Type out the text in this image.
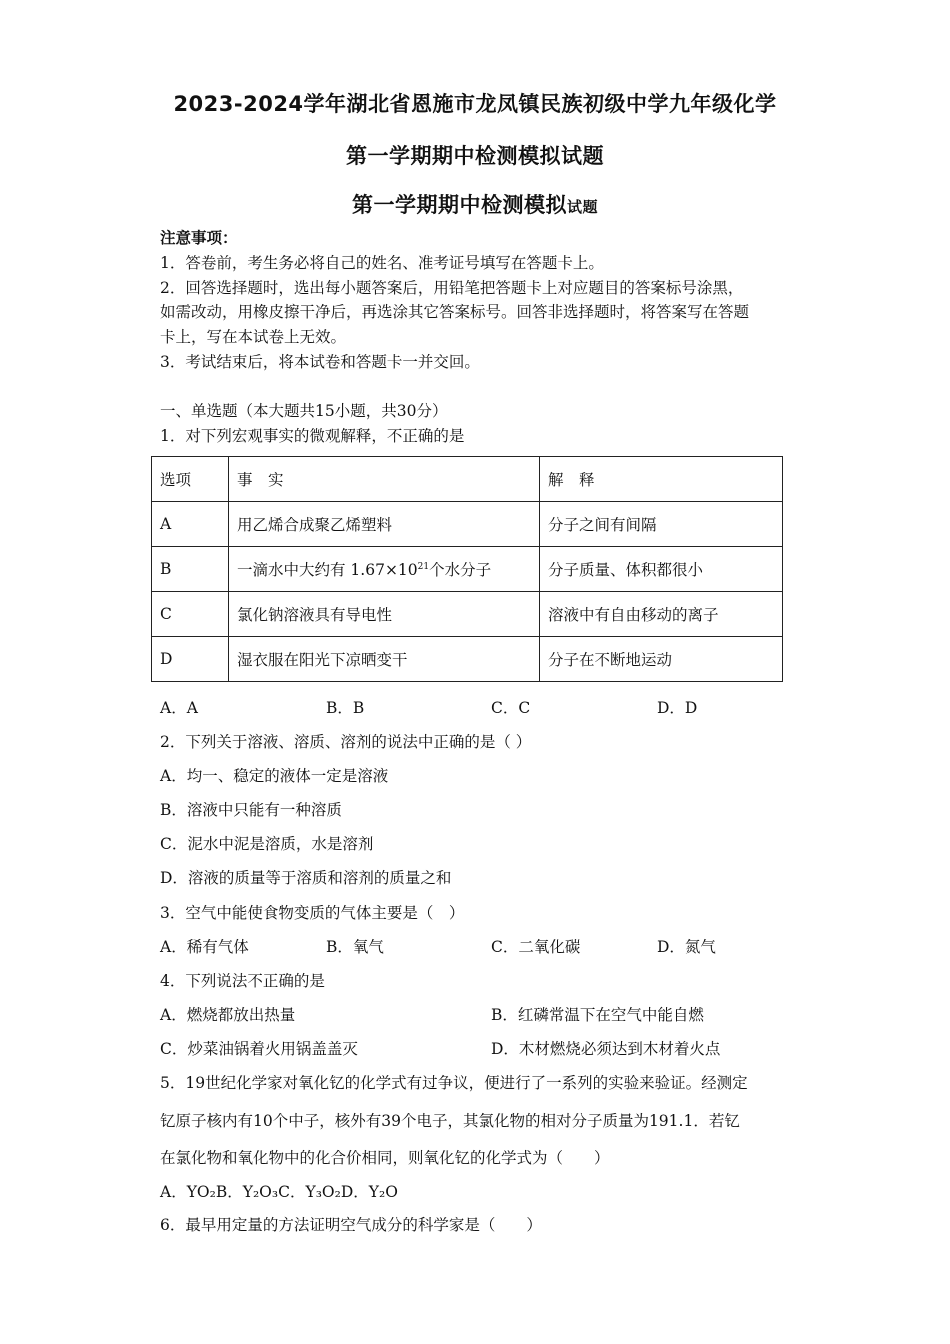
2023-2024学年湖北省恩施市龙凤镇民族初级中学九年级化学
第一学期期中检测模拟试题
第一学期期中检测模拟试题
注意事项：
1．答卷前，考生务必将自己的姓名、准考证号填写在答题卡上。
2．回答选择题时，选出每小题答案后，用铅笔把答题卡上对应题目的答案标号涂黑，
如需改动，用橡皮擦干净后，再选涂其它答案标号。回答非选择题时，将答案写在答题
卡上，写在本试卷上无效。
3．考试结束后，将本试卷和答题卡一并交回。
一、单选题（本大题共15小题，共30分）
1．对下列宏观事实的微观解释，不正确的是
选项	事　实	解　释
A	用乙烯合成聚乙烯塑料	分子之间有间隔
B	一滴水中大约有 $1.67\times 10^{21}$个水分子	分子质量、体积都很小
C	氯化钠溶液具有导电性	溶液中有自由移动的离子
D	湿衣服在阳光下凉晒变干	分子在不断地运动
A．A	B．B	C．C	D．D
2．下列关于溶液、溶质、溶剂的说法中正确的是（ ）
A．均一、稳定的液体一定是溶液
B．溶液中只能有一种溶质
C．泥水中泥是溶质，水是溶剂
D．溶液的质量等于溶质和溶剂的质量之和
3．空气中能使食物变质的气体主要是（　）
A．稀有气体	B．氧气	C．二氧化碳	D．氮气
4．下列说法不正确的是
A．燃烧都放出热量	B．红磷常温下在空气中能自燃
C．炒菜油锅着火用锅盖盖灭	D．木材燃烧必须达到木材着火点
5．19世纪化学家对氧化钇的化学式有过争议，便进行了一系列的实验来验证。经测定
钇原子核内有10个中子，核外有39个电子，其氯化物的相对分子质量为191.1．若钇
在氯化物和氧化物中的化合价相同，则氧化钇的化学式为（　　）
A．YO₂B．Y₂O₃C．Y₃O₂D．Y₂O
6．最早用定量的方法证明空气成分的科学家是（　　）
